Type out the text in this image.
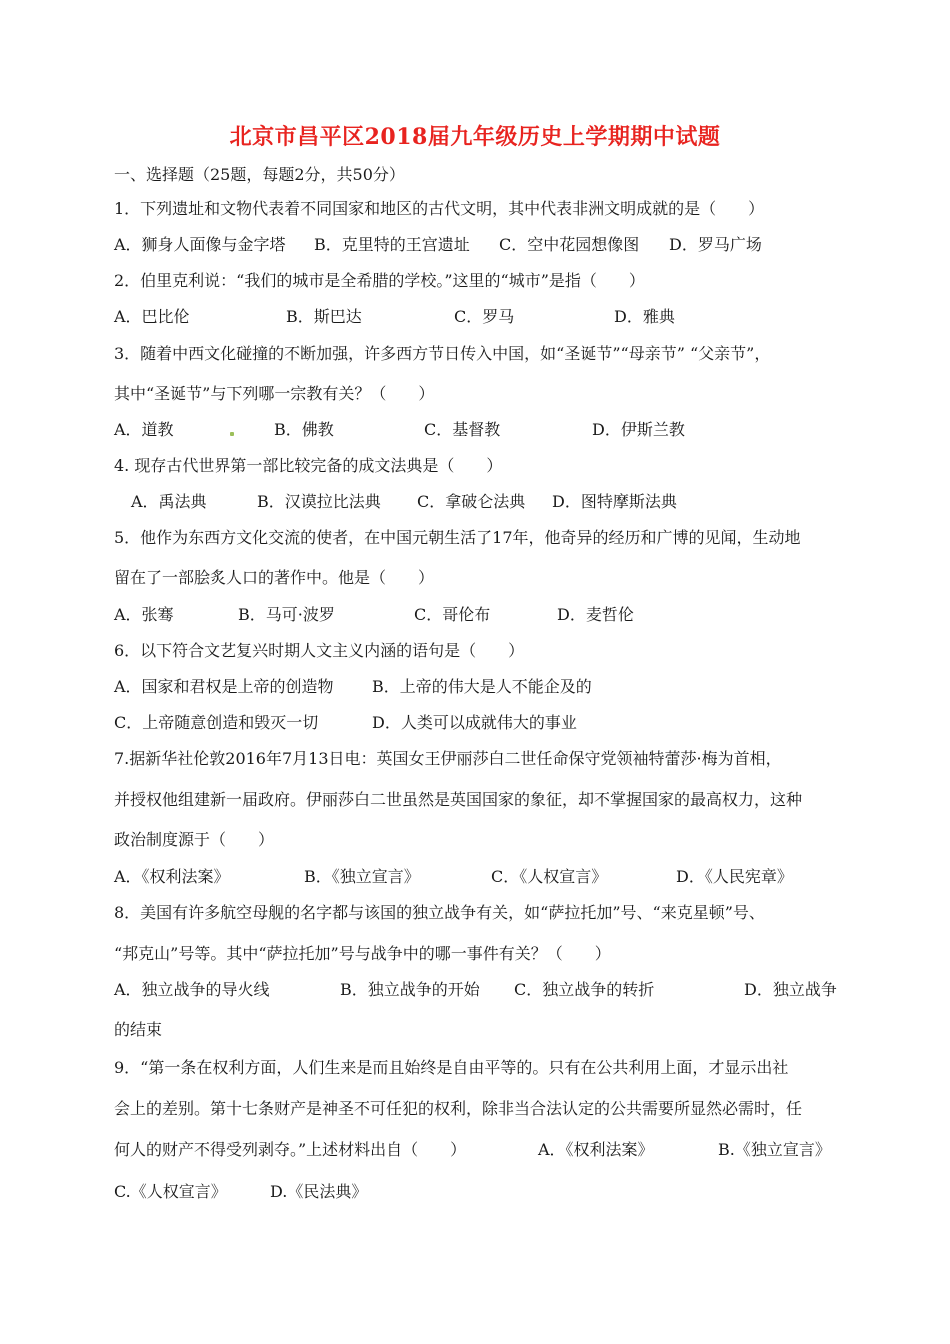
北京市昌平区2018届九年级历史上学期期中试题
一、选择题（25题，每题2分，共50分）
1．下列遗址和文物代表着不同国家和地区的古代文明，其中代表非洲文明成就的是（　　）
A．狮身人面像与金字塔 B．克里特的王宫遗址 C．空中花园想像图 D．罗马广场
2．伯里克利说：“我们的城市是全希腊的学校。”这里的“城市”是指（　　）
A．巴比伦	B．斯巴达	C．罗马	D．雅典
3．随着中西文化碰撞的不断加强，许多西方节日传入中国，如“圣诞节”“母亲节” “父亲节”，
其中“圣诞节”与下列哪一宗教有关？（　　）
A．道教	B．佛教	C．基督教	D．伊斯兰教
4. 现存古代世界第一部比较完备的成文法典是（　　）
A．禹法典	B．汉谟拉比法典 C．拿破仑法典 D．图特摩斯法典
5．他作为东西方文化交流的使者，在中国元朝生活了17年，他奇异的经历和广博的见闻，生动地
留在了一部脍炙人口的著作中。他是（　　）
A．张骞	B．马可·波罗	C．哥伦布	D．麦哲伦
6．以下符合文艺复兴时期人文主义内涵的语句是（　　）
A．国家和君权是上帝的创造物 B．上帝的伟大是人不能企及的
C．上帝随意创造和毁灭一切	D．人类可以成就伟大的事业
7.据新华社伦敦2016年7月13日电：英国女王伊丽莎白二世任命保守党领袖特蕾莎·梅为首相，
并授权他组建新一届政府。伊丽莎白二世虽然是英国国家的象征，却不掌握国家的最高权力，这种
政治制度源于（　　）
A．《权利法案》	B．《独立宣言》	C．《人权宣言》	D．《人民宪章》
8．美国有许多航空母舰的名字都与该国的独立战争有关，如“萨拉托加”号、“来克星顿”号、
“邦克山”号等。其中“萨拉托加”号与战争中的哪一事件有关？（　　）
A．独立战争的导火线	B．独立战争的开始 C．独立战争的转折	D．独立战争
的结束
9．“第一条在权利方面，人们生来是而且始终是自由平等的。只有在公共利用上面，才显示出社
会上的差别。第十七条财产是神圣不可任犯的权利，除非当合法认定的公共需要所显然必需时，任
何人的财产不得受列剥夺。”上述材料出自（　　）	A．《权利法案》	B.《独立宣言》
C.《人权宣言》	D.《民法典》
